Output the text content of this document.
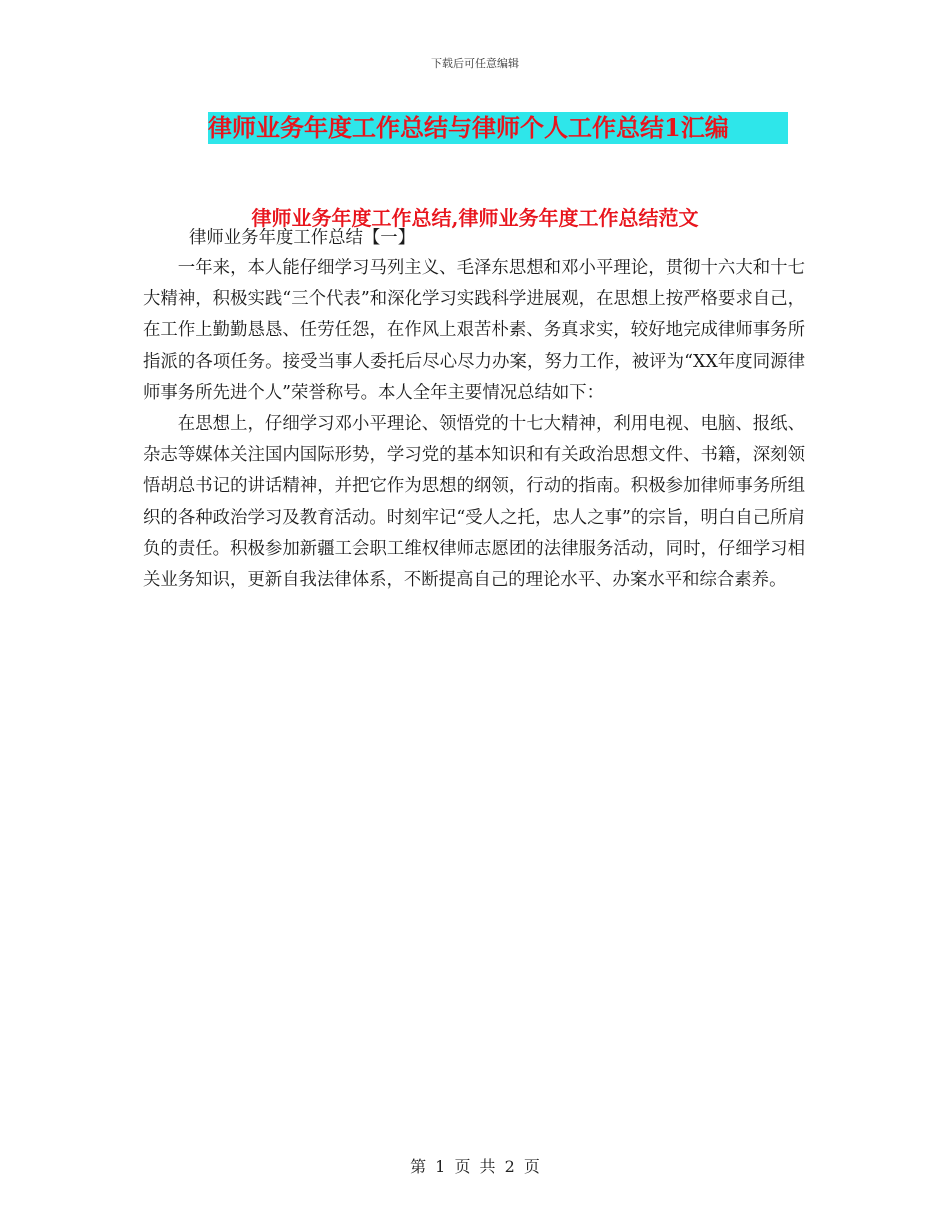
下载后可任意编辑
律师业务年度工作总结与律师个人工作总结1汇编
律师业务年度工作总结,律师业务年度工作总结范文

律师业务年度工作总结【一】

一年来，本人能仔细学习马列主义、毛泽东思想和邓小平理论，贯彻十六大和十七大精神，积极实践“三个代表”和深化学习实践科学进展观，在思想上按严格要求自己，在工作上勤勤恳恳、任劳任怨，在作风上艰苦朴素、务真求实，较好地完成律师事务所指派的各项任务。接受当事人委托后尽心尽力办案，努力工作，被评为“XX年度同源律师事务所先进个人”荣誉称号。本人全年主要情况总结如下：

在思想上，仔细学习邓小平理论、领悟党的十七大精神，利用电视、电脑、报纸、杂志等媒体关注国内国际形势，学习党的基本知识和有关政治思想文件、书籍，深刻领悟胡总书记的讲话精神，并把它作为思想的纲领，行动的指南。积极参加律师事务所组织的各种政治学习及教育活动。时刻牢记“受人之托，忠人之事”的宗旨，明白自己所肩负的责任。积极参加新疆工会职工维权律师志愿团的法律服务活动，同时，仔细学习相关业务知识，更新自我法律体系，不断提高自己的理论水平、办案水平和综合素养。

第 1 页 共 2 页
